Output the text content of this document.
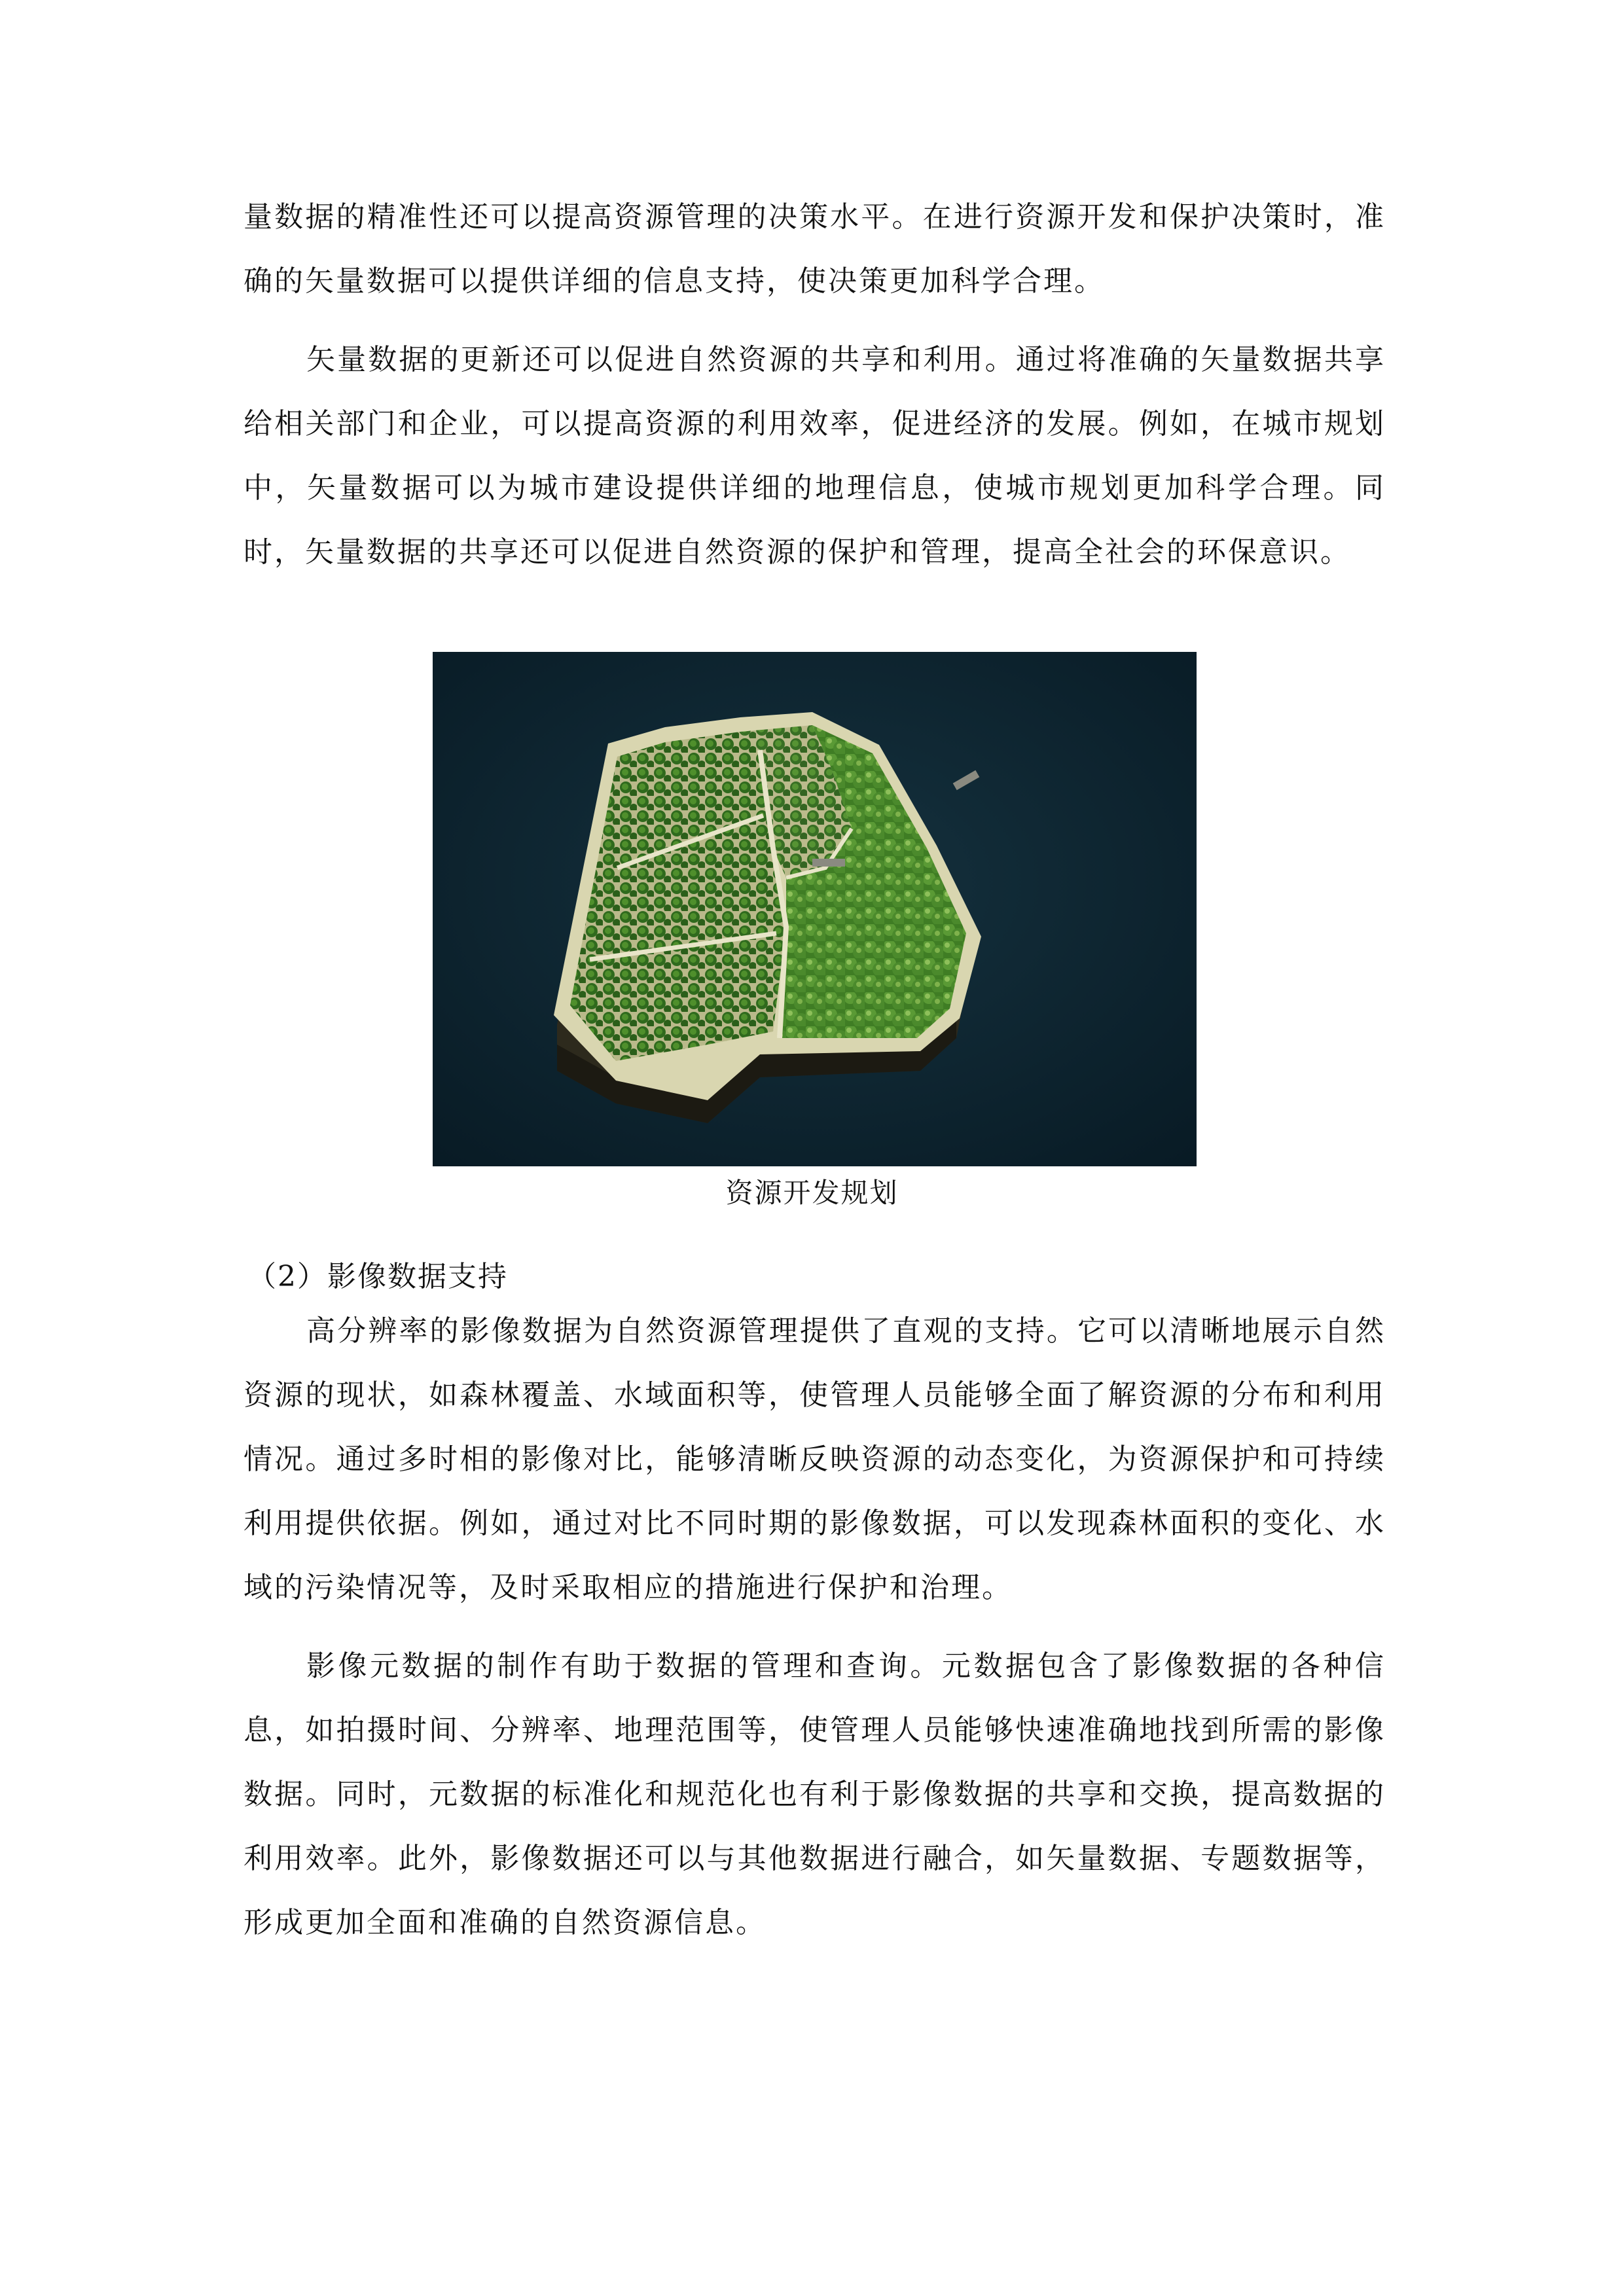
量数据的精准性还可以提高资源管理的决策水平。在进行资源开发和保护决策时，准确的矢量数据可以提供详细的信息支持，使决策更加科学合理。

矢量数据的更新还可以促进自然资源的共享和利用。通过将准确的矢量数据共享给相关部门和企业，可以提高资源的利用效率，促进经济的发展。例如，在城市规划中，矢量数据可以为城市建设提供详细的地理信息，使城市规划更加科学合理。同时，矢量数据的共享还可以促进自然资源的保护和管理，提高全社会的环保意识。

资源开发规划
（2）影像数据支持

高分辨率的影像数据为自然资源管理提供了直观的支持。它可以清晰地展示自然资源的现状，如森林覆盖、水域面积等，使管理人员能够全面了解资源的分布和利用情况。通过多时相的影像对比，能够清晰反映资源的动态变化，为资源保护和可持续利用提供依据。例如，通过对比不同时期的影像数据，可以发现森林面积的变化、水域的污染情况等，及时采取相应的措施进行保护和治理。

影像元数据的制作有助于数据的管理和查询。元数据包含了影像数据的各种信息，如拍摄时间、分辨率、地理范围等，使管理人员能够快速准确地找到所需的影像数据。同时，元数据的标准化和规范化也有利于影像数据的共享和交换，提高数据的利用效率。此外，影像数据还可以与其他数据进行融合，如矢量数据、专题数据等，形成更加全面和准确的自然资源信息。
